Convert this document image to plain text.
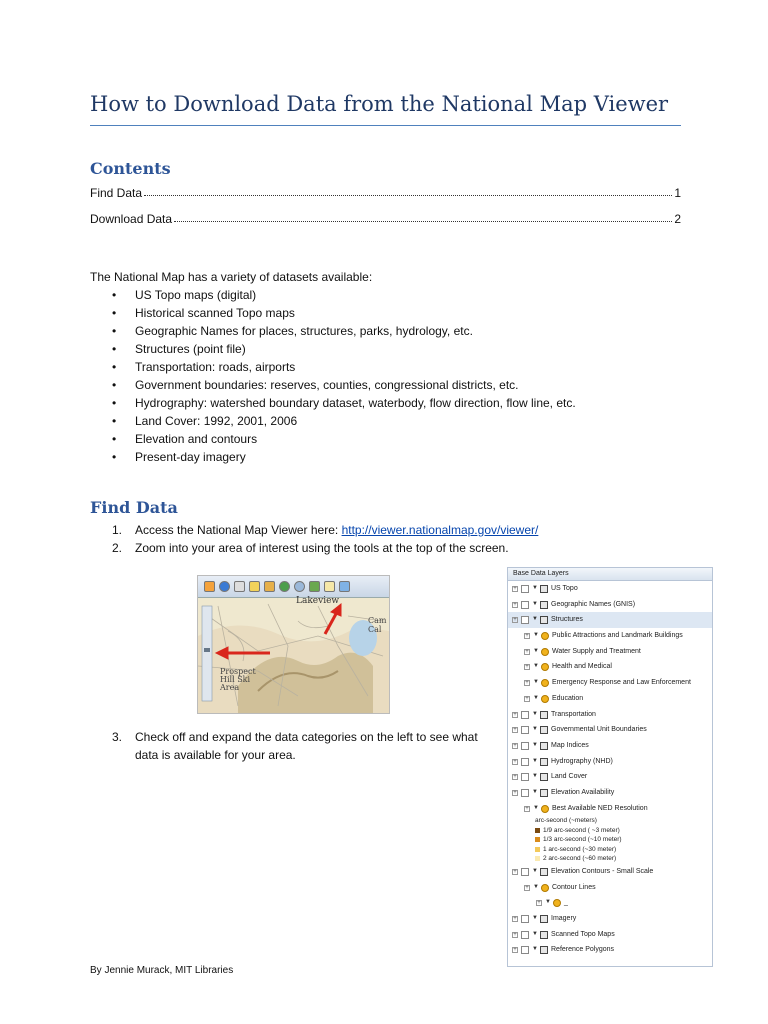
How to Download Data from the National Map Viewer
Contents
Find Data	1
Download Data	2
The National Map has a variety of datasets available:
• US Topo maps (digital)
• Historical scanned Topo maps
• Geographic Names for places, structures, parks, hydrology, etc.
• Structures (point file)
• Transportation: roads, airports
• Government boundaries: reserves, counties, congressional districts, etc.
• Hydrography: watershed boundary dataset, waterbody, flow direction, flow line, etc.
• Land Cover: 1992, 2001, 2006
• Elevation and contours
• Present-day imagery
Find Data
1. Access the National Map Viewer here: http://viewer.nationalmap.gov/viewer/
2. Zoom into your area of interest using the tools at the top of the screen.
Lakeview
Prospect Hill Ski Area
Cam Cal
3. Check off and expand the data categories on the left to see what data is available for your area.
Base Data Layers
+	▼ US Topo
+	▼ Geographic Names (GNIS)
+	▼ Structures
+ ▼ Public Attractions and Landmark Buildings
+ ▼ Water Supply and Treatment
+ ▼ Health and Medical
+ ▼ Emergency Response and Law Enforcement
+ ▼ Education
+	▼ Transportation
+	▼ Governmental Unit Boundaries
+	▼ Map Indices
+	▼ Hydrography (NHD)
+	▼ Land Cover
+	▼ Elevation Availability
+ ▼ Best Available NED Resolution
arc-second (~meters)
1/9 arc-second ( ~3 meter)
1/3 arc-second (~10 meter)
1 arc-second (~30 meter)
2 arc-second (~60 meter)
+	▼ Elevation Contours - Small Scale
+ ▼ Contour Lines
+ ▼ _
+	▼ Imagery
+	▼ Scanned Topo Maps
+	▼ Reference Polygons
By Jennie Murack, MIT Libraries
